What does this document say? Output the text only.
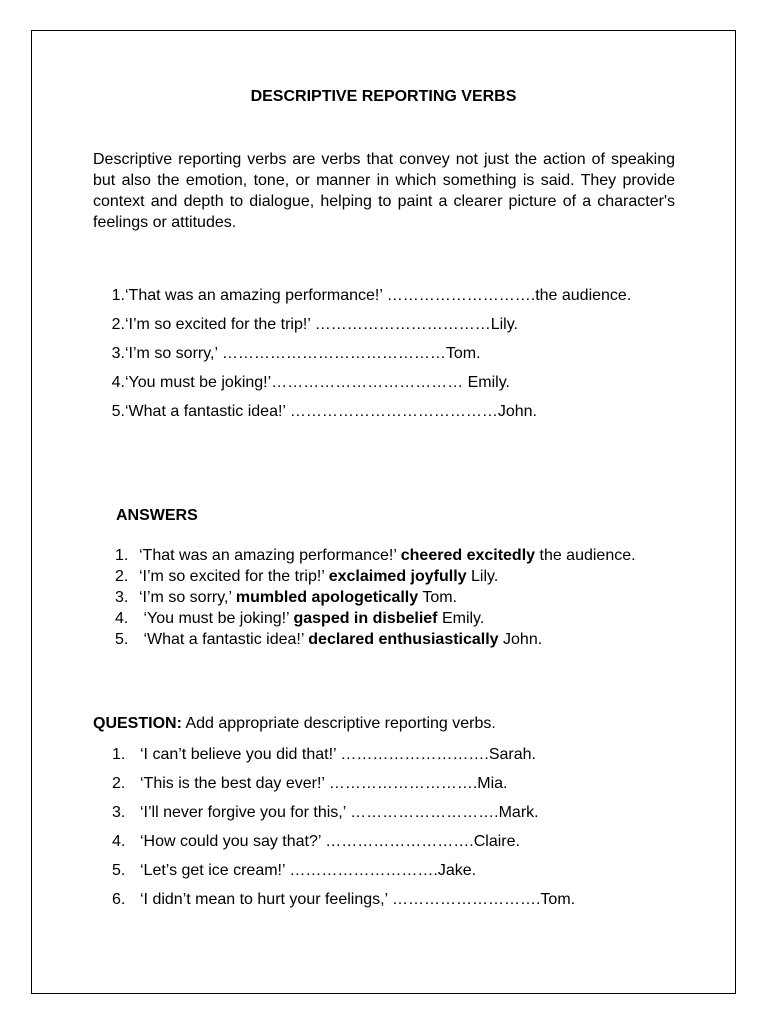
DESCRIPTIVE REPORTING VERBS

Descriptive reporting verbs are verbs that convey not just the action of speaking but also the emotion, tone, or manner in which something is said. They provide context and depth to dialogue, helping to paint a clearer picture of a character's feelings or attitudes.

1. ‘That was an amazing performance!’ ……………………….the audience.
2. ‘I’m so excited for the trip!’ ……………………………Lily.
3. ‘I’m so sorry,’ ……………………………………Tom.
4. ‘You must be joking!’……………………………… Emily.
5. ‘What a fantastic idea!’ …………………………………John.
ANSWERS
1. ‘That was an amazing performance!’ cheered excitedly the audience.
2. ‘I’m so excited for the trip!’ exclaimed joyfully Lily.
3. ‘I’m so sorry,’ mumbled apologetically Tom.
4. ‘You must be joking!’ gasped in disbelief Emily.
5. ‘What a fantastic idea!’ declared enthusiastically John.
QUESTION: Add appropriate descriptive reporting verbs.
1. ‘I can’t believe you did that!’ ……………………….Sarah.
2. ‘This is the best day ever!’ ……………………….Mia.
3. ‘I’ll never forgive you for this,’ ……………………….Mark.
4. ‘How could you say that?’ ……………………….Claire.
5. ‘Let’s get ice cream!’ ……………………….Jake.
6. ‘I didn’t mean to hurt your feelings,’ ……………………….Tom.
